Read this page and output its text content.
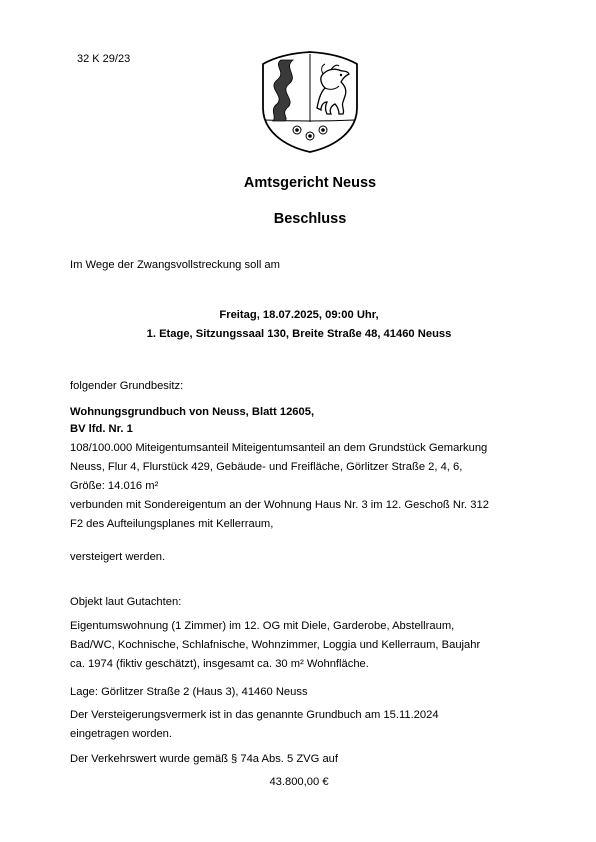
32 K 29/23
Amtsgericht Neuss
Beschluss
Im Wege der Zwangsvollstreckung soll am
Freitag, 18.07.2025, 09:00 Uhr,
1. Etage, Sitzungssaal 130, Breite Straße 48, 41460 Neuss
folgender Grundbesitz:
Wohnungsgrundbuch von Neuss, Blatt 12605,
BV lfd. Nr. 1
108/100.000 Miteigentumsanteil Miteigentumsanteil an dem Grundstück Gemarkung
Neuss, Flur 4, Flurstück 429, Gebäude- und Freifläche, Görlitzer Straße 2, 4, 6,
Größe: 14.016 m²
verbunden mit Sondereigentum an der Wohnung Haus Nr. 3 im 12. Geschoß Nr. 312
F2 des Aufteilungsplanes mit Kellerraum,
versteigert werden.
Objekt laut Gutachten:
Eigentumswohnung (1 Zimmer) im 12. OG mit Diele, Garderobe, Abstellraum,
Bad/WC, Kochnische, Schlafnische, Wohnzimmer, Loggia und Kellerraum, Baujahr
ca. 1974 (fiktiv geschätzt), insgesamt ca. 30 m² Wohnfläche.
Lage: Görlitzer Straße 2 (Haus 3), 41460 Neuss
Der Versteigerungsvermerk ist in das genannte Grundbuch am 15.11.2024
eingetragen worden.
Der Verkehrswert wurde gemäß § 74a Abs. 5 ZVG auf
43.800,00 €
